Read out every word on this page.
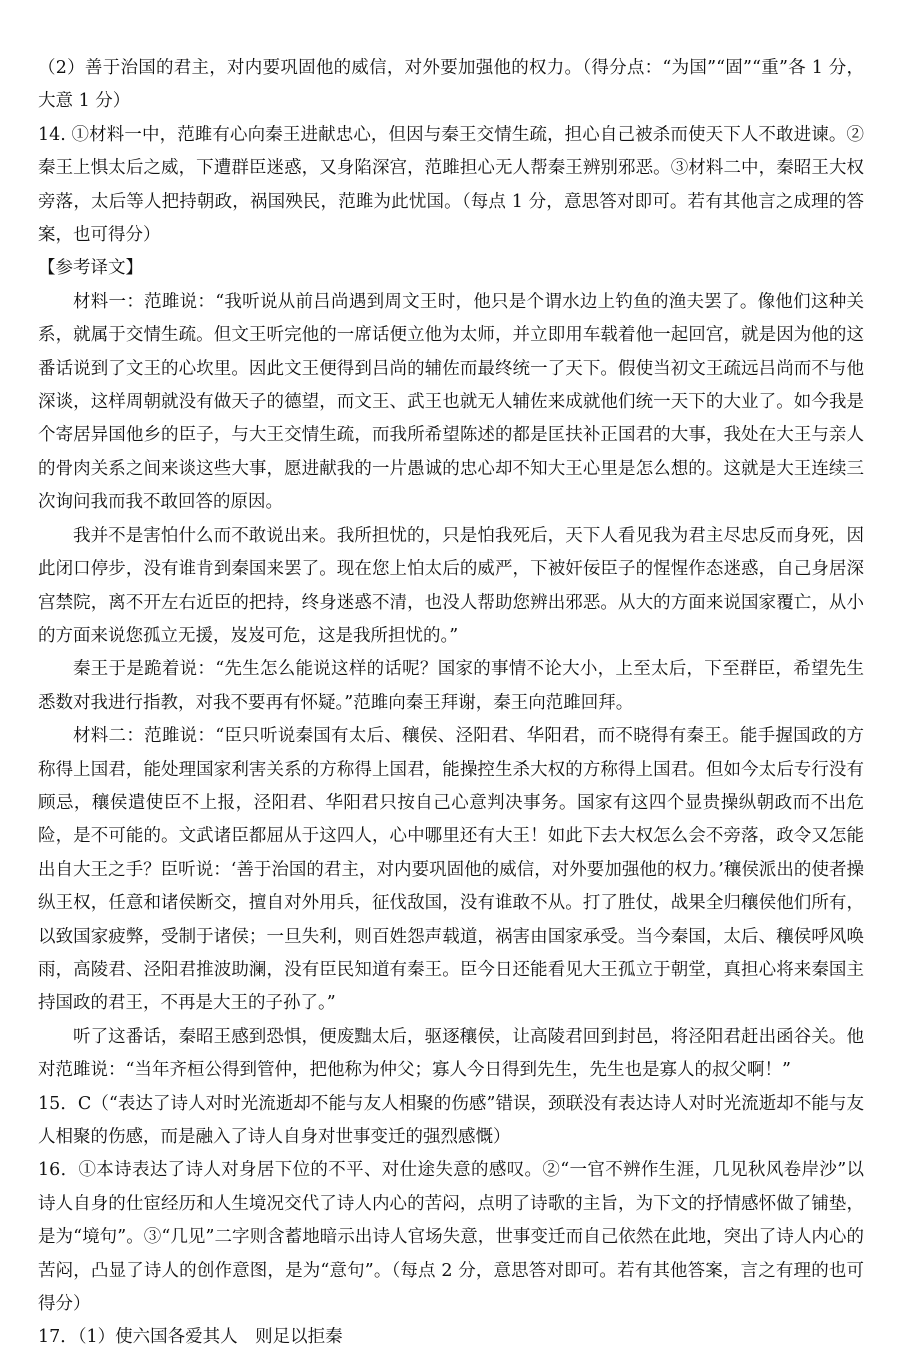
（2）善于治国的君主，对内要巩固他的威信，对外要加强他的权力。（得分点：“为国”“固”“重”各 1 分，大意 1 分）

14. ①材料一中，范雎有心向秦王进献忠心，但因与秦王交情生疏，担心自己被杀而使天下人不敢进谏。②秦王上惧太后之威，下遭群臣迷惑，又身陷深宫，范雎担心无人帮秦王辨别邪恶。③材料二中，秦昭王大权旁落，太后等人把持朝政，祸国殃民，范雎为此忧国。（每点 1 分，意思答对即可。若有其他言之成理的答案，也可得分）

【参考译文】

材料一：范雎说：“我听说从前吕尚遇到周文王时，他只是个谓水边上钓鱼的渔夫罢了。像他们这种关系，就属于交情生疏。但文王听完他的一席话便立他为太师，并立即用车载着他一起回宫，就是因为他的这番话说到了文王的心坎里。因此文王便得到吕尚的辅佐而最终统一了天下。假使当初文王疏远吕尚而不与他深谈，这样周朝就没有做天子的德望，而文王、武王也就无人辅佐来成就他们统一天下的大业了。如今我是个寄居异国他乡的臣子，与大王交情生疏，而我所希望陈述的都是匡扶补正国君的大事，我处在大王与亲人的骨肉关系之间来谈这些大事，愿进献我的一片愚诚的忠心却不知大王心里是怎么想的。这就是大王连续三次询问我而我不敢回答的原因。

我并不是害怕什么而不敢说出来。我所担忧的，只是怕我死后，天下人看见我为君主尽忠反而身死，因此闭口停步，没有谁肯到秦国来罢了。现在您上怕太后的威严，下被奸佞臣子的惺惺作态迷惑，自己身居深宫禁院，离不开左右近臣的把持，终身迷惑不清，也没人帮助您辨出邪恶。从大的方面来说国家覆亡，从小的方面来说您孤立无援，岌岌可危，这是我所担忧的。”

秦王于是跪着说：“先生怎么能说这样的话呢？国家的事情不论大小，上至太后，下至群臣，希望先生悉数对我进行指教，对我不要再有怀疑。”范雎向秦王拜谢，秦王向范雎回拜。

材料二：范雎说：“臣只听说秦国有太后、穰侯、泾阳君、华阳君，而不晓得有秦王。能手握国政的方称得上国君，能处理国家利害关系的方称得上国君，能操控生杀大权的方称得上国君。但如今太后专行没有顾忌，穰侯遣使臣不上报，泾阳君、华阳君只按自己心意判决事务。国家有这四个显贵操纵朝政而不出危险，是不可能的。文武诸臣都屈从于这四人，心中哪里还有大王！如此下去大权怎么会不旁落，政令又怎能出自大王之手？臣听说：‘善于治国的君主，对内要巩固他的威信，对外要加强他的权力。’穰侯派出的使者操纵王权，任意和诸侯断交，擅自对外用兵，征伐敌国，没有谁敢不从。打了胜仗，战果全归穰侯他们所有，以致国家疲弊，受制于诸侯；一旦失利，则百姓怨声载道，祸害由国家承受。当今秦国，太后、穰侯呼风唤雨，高陵君、泾阳君推波助澜，没有臣民知道有秦王。臣今日还能看见大王孤立于朝堂，真担心将来秦国主持国政的君王，不再是大王的子孙了。”

听了这番话，秦昭王感到恐惧，便废黜太后，驱逐穰侯，让高陵君回到封邑，将泾阳君赶出函谷关。他对范雎说：“当年齐桓公得到管仲，把他称为仲父；寡人今日得到先生，先生也是寡人的叔父啊！”

15．C（“表达了诗人对时光流逝却不能与友人相聚的伤感”错误，颈联没有表达诗人对时光流逝却不能与友人相聚的伤感，而是融入了诗人自身对世事变迁的强烈感慨）

16．①本诗表达了诗人对身居下位的不平、对仕途失意的感叹。②“一官不辨作生涯，几见秋风卷岸沙”以诗人自身的仕宦经历和人生境况交代了诗人内心的苦闷，点明了诗歌的主旨，为下文的抒情感怀做了铺垫，是为“境句”。③“几见”二字则含蓄地暗示出诗人官场失意，世事变迁而自己依然在此地，突出了诗人内心的苦闷，凸显了诗人的创作意图，是为“意句”。（每点 2 分，意思答对即可。若有其他答案，言之有理的也可得分）

17．（1）使六国各爱其人　则足以拒秦
